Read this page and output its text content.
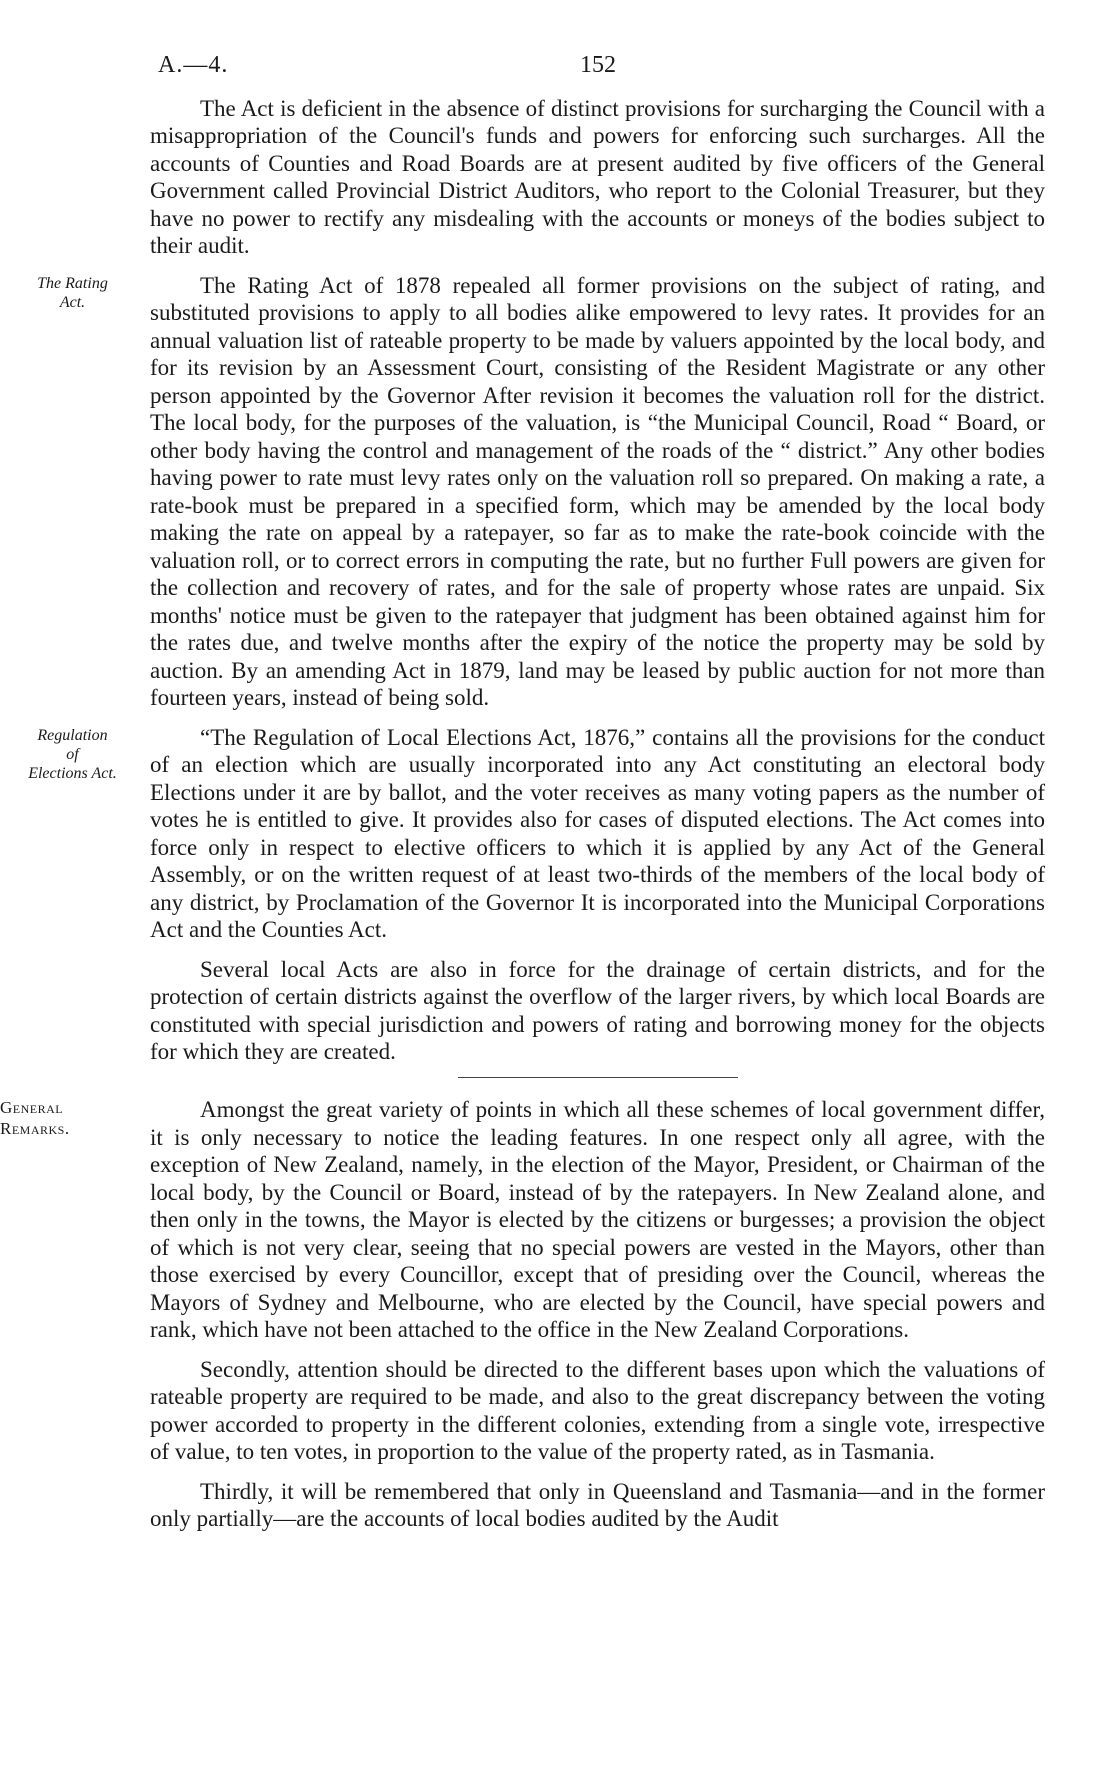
A.—4.	152

The Act is deficient in the absence of distinct provisions for surcharging the Council with a misappropriation of the Council's funds and powers for enforcing such surcharges. All the accounts of Counties and Road Boards are at present audited by five officers of the General Government called Provincial District Auditors, who report to the Colonial Treasurer, but they have no power to rectify any misdealing with the accounts or moneys of the bodies subject to their audit.

The Rating
Act.
The Rating Act of 1878 repealed all former provisions on the subject of rating, and substituted provisions to apply to all bodies alike empowered to levy rates. It provides for an annual valuation list of rateable property to be made by valuers appointed by the local body, and for its revision by an Assessment Court, consisting of the Resident Magistrate or any other person appointed by the Governor After revision it becomes the valuation roll for the district. The local body, for the purposes of the valuation, is “the Municipal Council, Road “ Board, or other body having the control and management of the roads of the “ district.” Any other bodies having power to rate must levy rates only on the valuation roll so prepared. On making a rate, a rate-book must be prepared in a specified form, which may be amended by the local body making the rate on appeal by a ratepayer, so far as to make the rate-book coincide with the valuation roll, or to correct errors in computing the rate, but no further Full powers are given for the collection and recovery of rates, and for the sale of property whose rates are unpaid. Six months' notice must be given to the ratepayer that judgment has been obtained against him for the rates due, and twelve months after the expiry of the notice the property may be sold by auction. By an amending Act in 1879, land may be leased by public auction for not more than fourteen years, instead of being sold.

Regulation
of
Elections Act.
“The Regulation of Local Elections Act, 1876,” contains all the provisions for the conduct of an election which are usually incorporated into any Act constituting an electoral body Elections under it are by ballot, and the voter receives as many voting papers as the number of votes he is entitled to give. It provides also for cases of disputed elections. The Act comes into force only in respect to elective officers to which it is applied by any Act of the General Assembly, or on the written request of at least two-thirds of the members of the local body of any district, by Proclamation of the Governor It is incorporated into the Municipal Corporations Act and the Counties Act.

Several local Acts are also in force for the drainage of certain districts, and for the protection of certain districts against the overflow of the larger rivers, by which local Boards are constituted with special jurisdiction and powers of rating and borrowing money for the objects for which they are created.

General
Remarks.
Amongst the great variety of points in which all these schemes of local government differ, it is only necessary to notice the leading features. In one respect only all agree, with the exception of New Zealand, namely, in the election of the Mayor, President, or Chairman of the local body, by the Council or Board, instead of by the ratepayers. In New Zealand alone, and then only in the towns, the Mayor is elected by the citizens or burgesses; a provision the object of which is not very clear, seeing that no special powers are vested in the Mayors, other than those exercised by every Councillor, except that of presiding over the Council, whereas the Mayors of Sydney and Melbourne, who are elected by the Council, have special powers and rank, which have not been attached to the office in the New Zealand Corporations.

Secondly, attention should be directed to the different bases upon which the valuations of rateable property are required to be made, and also to the great discrepancy between the voting power accorded to property in the different colonies, extending from a single vote, irrespective of value, to ten votes, in proportion to the value of the property rated, as in Tasmania.

Thirdly, it will be remembered that only in Queensland and Tasmania—and in the former only partially—are the accounts of local bodies audited by the Audit
